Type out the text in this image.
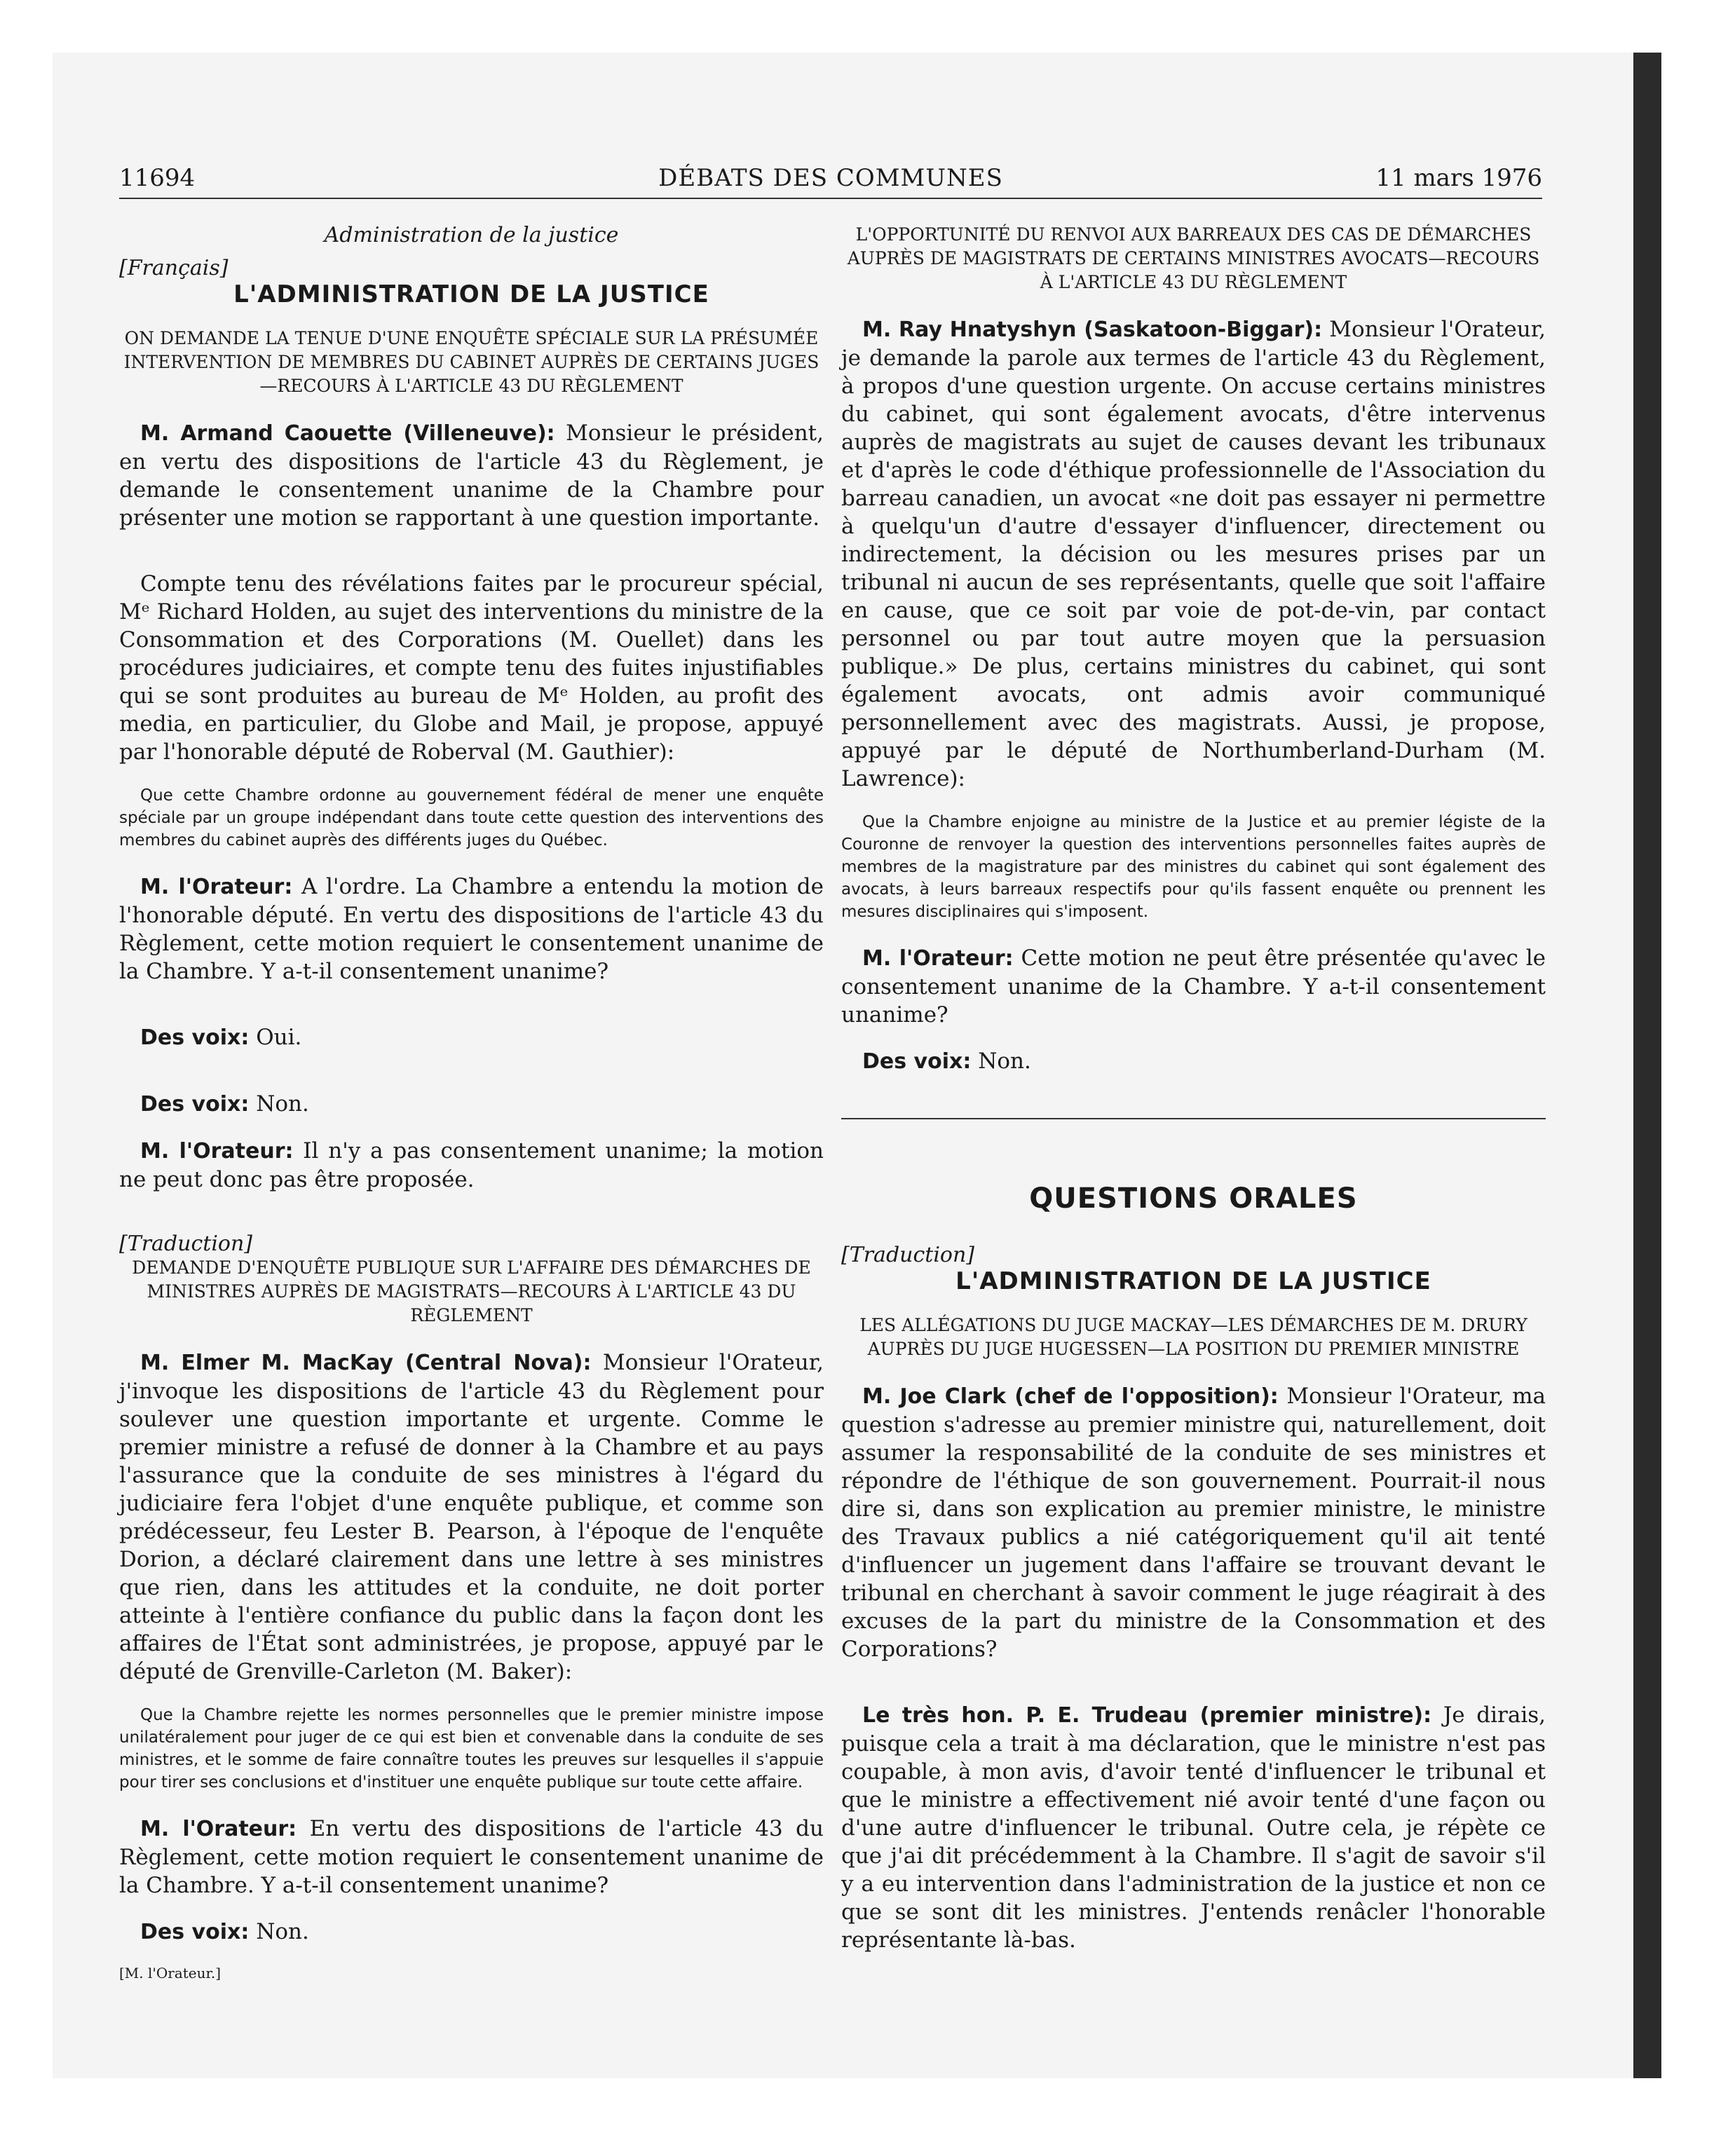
11694	DÉBATS DES COMMUNES	11 mars 1976

Administration de la justice

[Français]

L'ADMINISTRATION DE LA JUSTICE

ON DEMANDE LA TENUE D'UNE ENQUÊTE SPÉCIALE SUR LA PRÉSUMÉE INTERVENTION DE MEMBRES DU CABINET AUPRÈS DE CERTAINS JUGES—RECOURS À L'ARTICLE 43 DU RÈGLEMENT

M. Armand Caouette (Villeneuve): Monsieur le président, en vertu des dispositions de l'article 43 du Règlement, je demande le consentement unanime de la Chambre pour présenter une motion se rapportant à une question importante.

Compte tenu des révélations faites par le procureur spécial, Mᵉ Richard Holden, au sujet des interventions du ministre de la Consommation et des Corporations (M. Ouellet) dans les procédures judiciaires, et compte tenu des fuites injustifiables qui se sont produites au bureau de Mᵉ Holden, au profit des media, en particulier, du Globe and Mail, je propose, appuyé par l'honorable député de Roberval (M. Gauthier):

Que cette Chambre ordonne au gouvernement fédéral de mener une enquête spéciale par un groupe indépendant dans toute cette question des interventions des membres du cabinet auprès des différents juges du Québec.

M. l'Orateur: A l'ordre. La Chambre a entendu la motion de l'honorable député. En vertu des dispositions de l'article 43 du Règlement, cette motion requiert le consentement unanime de la Chambre. Y a-t-il consentement unanime?

Des voix: Oui.

Des voix: Non.

M. l'Orateur: Il n'y a pas consentement unanime; la motion ne peut donc pas être proposée.

[Traduction]

DEMANDE D'ENQUÊTE PUBLIQUE SUR L'AFFAIRE DES DÉMARCHES DE MINISTRES AUPRÈS DE MAGISTRATS—RECOURS À L'ARTICLE 43 DU RÈGLEMENT

M. Elmer M. MacKay (Central Nova): Monsieur l'Orateur, j'invoque les dispositions de l'article 43 du Règlement pour soulever une question importante et urgente. Comme le premier ministre a refusé de donner à la Chambre et au pays l'assurance que la conduite de ses ministres à l'égard du judiciaire fera l'objet d'une enquête publique, et comme son prédécesseur, feu Lester B. Pearson, à l'époque de l'enquête Dorion, a déclaré clairement dans une lettre à ses ministres que rien, dans les attitudes et la conduite, ne doit porter atteinte à l'entière confiance du public dans la façon dont les affaires de l'État sont administrées, je propose, appuyé par le député de Grenville-Carleton (M. Baker):

Que la Chambre rejette les normes personnelles que le premier ministre impose unilatéralement pour juger de ce qui est bien et convenable dans la conduite de ses ministres, et le somme de faire connaître toutes les preuves sur lesquelles il s'appuie pour tirer ses conclusions et d'instituer une enquête publique sur toute cette affaire.

M. l'Orateur: En vertu des dispositions de l'article 43 du Règlement, cette motion requiert le consentement unanime de la Chambre. Y a-t-il consentement unanime?

Des voix: Non.

[M. l'Orateur.]

L'OPPORTUNITÉ DU RENVOI AUX BARREAUX DES CAS DE DÉMARCHES AUPRÈS DE MAGISTRATS DE CERTAINS MINISTRES AVOCATS—RECOURS À L'ARTICLE 43 DU RÈGLEMENT

M. Ray Hnatyshyn (Saskatoon-Biggar): Monsieur l'Orateur, je demande la parole aux termes de l'article 43 du Règlement, à propos d'une question urgente. On accuse certains ministres du cabinet, qui sont également avocats, d'être intervenus auprès de magistrats au sujet de causes devant les tribunaux et d'après le code d'éthique professionnelle de l'Association du barreau canadien, un avocat «ne doit pas essayer ni permettre à quelqu'un d'autre d'essayer d'influencer, directement ou indirectement, la décision ou les mesures prises par un tribunal ni aucun de ses représentants, quelle que soit l'affaire en cause, que ce soit par voie de pot-de-vin, par contact personnel ou par tout autre moyen que la persuasion publique.» De plus, certains ministres du cabinet, qui sont également avocats, ont admis avoir communiqué personnellement avec des magistrats. Aussi, je propose, appuyé par le député de Northumberland-Durham (M. Lawrence):

Que la Chambre enjoigne au ministre de la Justice et au premier légiste de la Couronne de renvoyer la question des interventions personnelles faites auprès de membres de la magistrature par des ministres du cabinet qui sont également des avocats, à leurs barreaux respectifs pour qu'ils fassent enquête ou prennent les mesures disciplinaires qui s'imposent.

M. l'Orateur: Cette motion ne peut être présentée qu'avec le consentement unanime de la Chambre. Y a-t-il consentement unanime?

Des voix: Non.

QUESTIONS ORALES

[Traduction]

L'ADMINISTRATION DE LA JUSTICE

LES ALLÉGATIONS DU JUGE MACKAY—LES DÉMARCHES DE M. DRURY AUPRÈS DU JUGE HUGESSEN—LA POSITION DU PREMIER MINISTRE

M. Joe Clark (chef de l'opposition): Monsieur l'Orateur, ma question s'adresse au premier ministre qui, naturellement, doit assumer la responsabilité de la conduite de ses ministres et répondre de l'éthique de son gouvernement. Pourrait-il nous dire si, dans son explication au premier ministre, le ministre des Travaux publics a nié catégoriquement qu'il ait tenté d'influencer un jugement dans l'affaire se trouvant devant le tribunal en cherchant à savoir comment le juge réagirait à des excuses de la part du ministre de la Consommation et des Corporations?

Le très hon. P. E. Trudeau (premier ministre): Je dirais, puisque cela a trait à ma déclaration, que le ministre n'est pas coupable, à mon avis, d'avoir tenté d'influencer le tribunal et que le ministre a effectivement nié avoir tenté d'une façon ou d'une autre d'influencer le tribunal. Outre cela, je répète ce que j'ai dit précédemment à la Chambre. Il s'agit de savoir s'il y a eu intervention dans l'administration de la justice et non ce que se sont dit les ministres. J'entends renâcler l'honorable représentante là-bas.
